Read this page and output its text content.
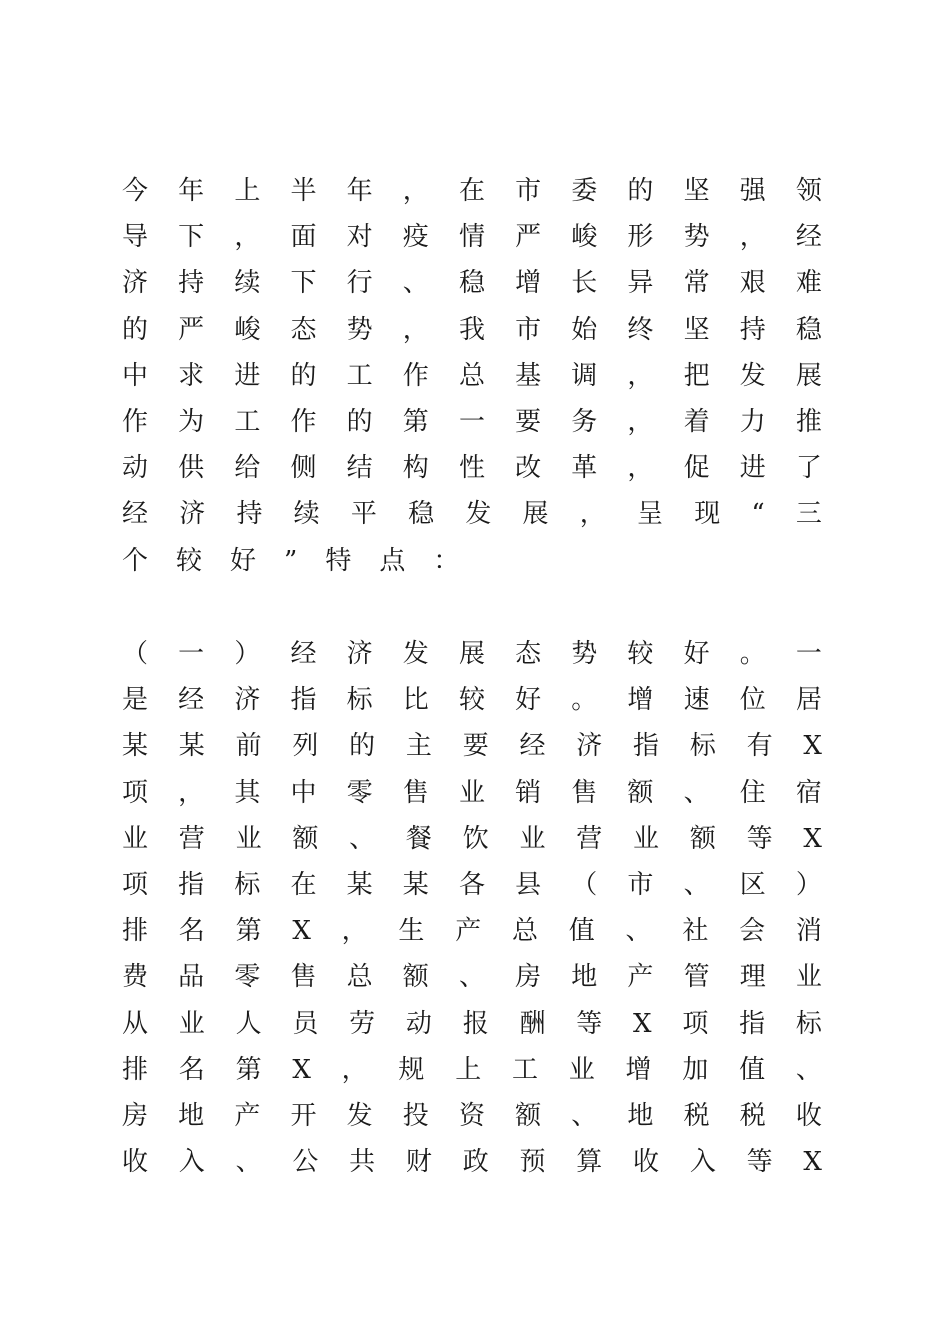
今 年 上 半 年 ， 在 市 委 的 坚 强 领
导 下 ， 面 对 疫 情 严 峻 形 势 ， 经
济 持 续 下 行 、 稳 增 长 异 常 艰 难
的 严 峻 态 势 ， 我 市 始 终 坚 持 稳
中 求 进 的 工 作 总 基 调 ， 把 发 展
作 为 工 作 的 第 一 要 务 ， 着 力 推
动 供 给 侧 结 构 性 改 革 ， 促 进 了
经 济 持 续 平 稳 发 展 ， 呈 现 “ 三
个 较 好 ” 特 点 ：
（ 一 ） 经 济 发 展 态 势 较 好 。 一
是 经 济 指 标 比 较 好 。 增 速 位 居
某 某 前 列 的 主 要 经 济 指 标 有 X
项 ， 其 中 零 售 业 销 售 额 、 住 宿
业 营 业 额 、 餐 饮 业 营 业 额 等 X
项 指 标 在 某 某 各 县 （ 市 、 区 ）
排 名 第 X ， 生 产 总 值 、 社 会 消
费 品 零 售 总 额 、 房 地 产 管 理 业
从 业 人 员 劳 动 报 酬 等 X 项 指 标
排 名 第 X ， 规 上 工 业 增 加 值 、
房 地 产 开 发 投 资 额 、 地 税 税 收
收 入 、 公 共 财 政 预 算 收 入 等 X
